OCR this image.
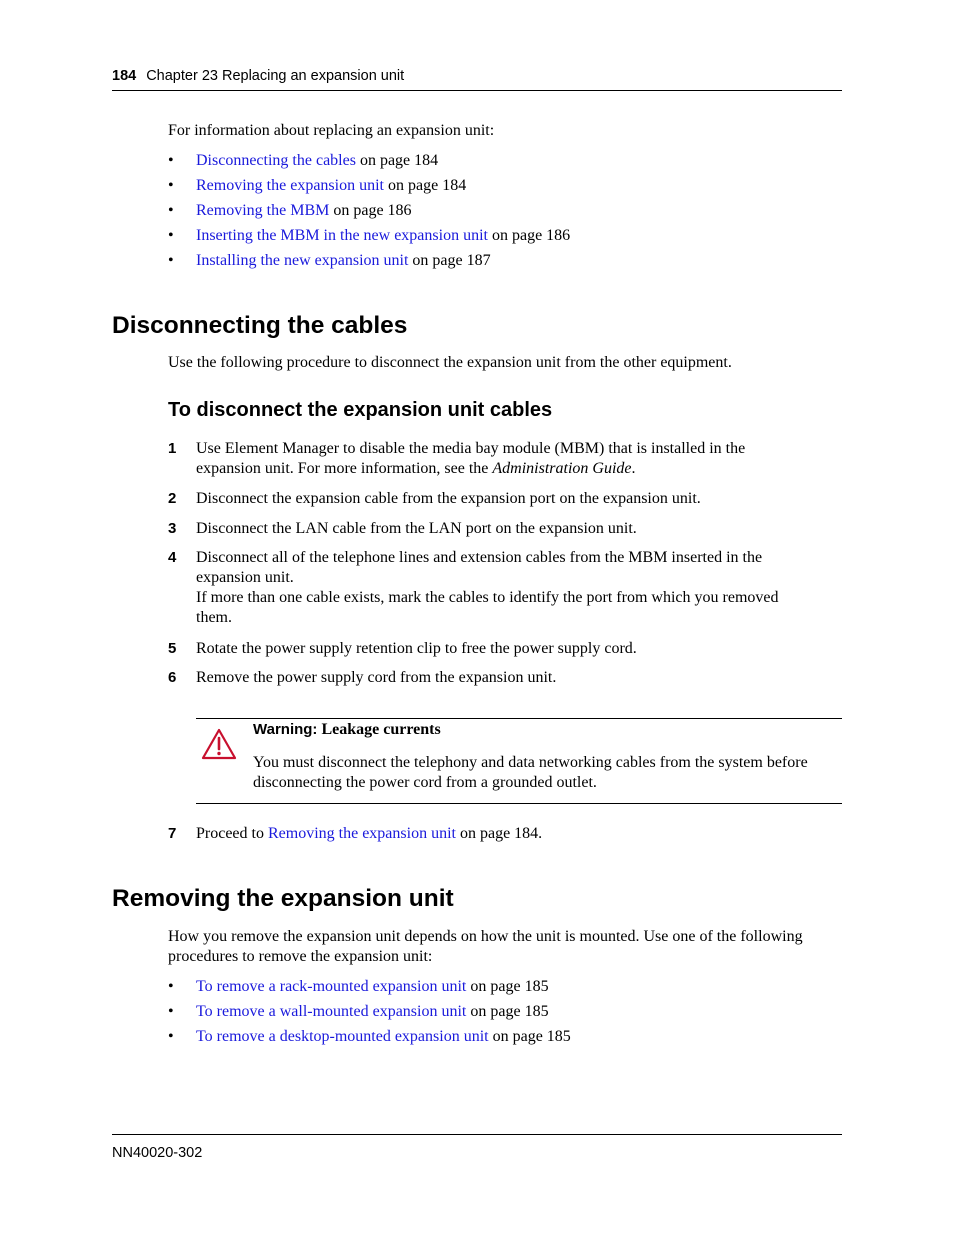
184 Chapter 23 Replacing an expansion unit
For information about replacing an expansion unit:
• Disconnecting the cables on page 184
• Removing the expansion unit on page 184
• Removing the MBM on page 186
• Inserting the MBM in the new expansion unit on page 186
• Installing the new expansion unit on page 187
Disconnecting the cables
Use the following procedure to disconnect the expansion unit from the other equipment.
To disconnect the expansion unit cables
1 Use Element Manager to disable the media bay module (MBM) that is installed in the
expansion unit. For more information, see the Administration Guide.
2 Disconnect the expansion cable from the expansion port on the expansion unit.
3 Disconnect the LAN cable from the LAN port on the expansion unit.
4 Disconnect all of the telephone lines and extension cables from the MBM inserted in the
expansion unit.
If more than one cable exists, mark the cables to identify the port from which you removed
them.
5 Rotate the power supply retention clip to free the power supply cord.
6 Remove the power supply cord from the expansion unit.
Warning: Leakage currents
You must disconnect the telephony and data networking cables from the system before
disconnecting the power cord from a grounded outlet.
7 Proceed to Removing the expansion unit on page 184.
Removing the expansion unit
How you remove the expansion unit depends on how the unit is mounted. Use one of the following
procedures to remove the expansion unit:
• To remove a rack-mounted expansion unit on page 185
• To remove a wall-mounted expansion unit on page 185
• To remove a desktop-mounted expansion unit on page 185
NN40020-302
